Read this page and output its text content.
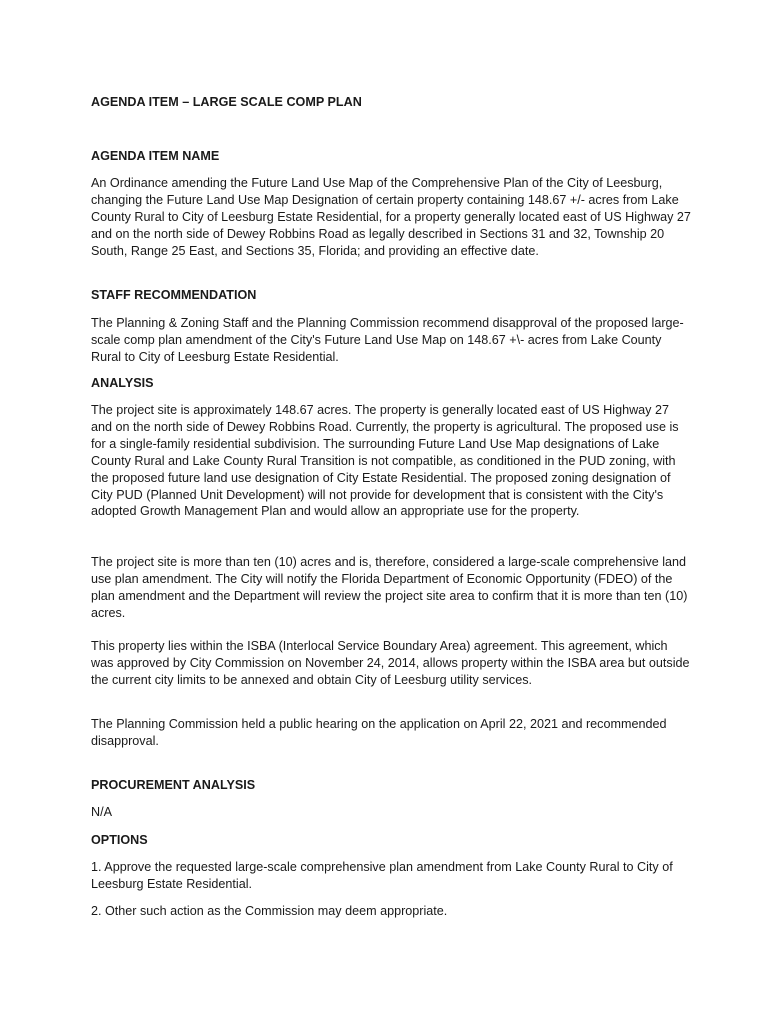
AGENDA ITEM – LARGE SCALE COMP PLAN
AGENDA ITEM NAME

An Ordinance amending the Future Land Use Map of the Comprehensive Plan of the City of Leesburg, changing the Future Land Use Map Designation of certain property containing 148.67 +/- acres from Lake County Rural to City of Leesburg Estate Residential, for a property generally located east of US Highway 27 and on the north side of Dewey Robbins Road as legally described in Sections 31 and 32, Township 20 South, Range 25 East, and Sections 35, Florida; and providing an effective date.

STAFF RECOMMENDATION

The Planning & Zoning Staff and the Planning Commission recommend disapproval of the proposed large-scale comp plan amendment of the City's Future Land Use Map on 148.67 +\- acres from Lake County Rural to City of Leesburg Estate Residential.

ANALYSIS

The project site is approximately 148.67 acres. The property is generally located east of US Highway 27 and on the north side of Dewey Robbins Road. Currently, the property is agricultural. The proposed use is for a single-family residential subdivision. The surrounding Future Land Use Map designations of Lake County Rural and Lake County Rural Transition is not compatible, as conditioned in the PUD zoning, with the proposed future land use designation of City Estate Residential. The proposed zoning designation of City PUD (Planned Unit Development) will not provide for development that is consistent with the City's adopted Growth Management Plan and would allow an appropriate use for the property.

The project site is more than ten (10) acres and is, therefore, considered a large-scale comprehensive land use plan amendment. The City will notify the Florida Department of Economic Opportunity (FDEO) of the plan amendment and the Department will review the project site area to confirm that it is more than ten (10) acres.

This property lies within the ISBA (Interlocal Service Boundary Area) agreement. This agreement, which was approved by City Commission on November 24, 2014, allows property within the ISBA area but outside the current city limits to be annexed and obtain City of Leesburg utility services.

The Planning Commission held a public hearing on the application on April 22, 2021 and recommended disapproval.

PROCUREMENT ANALYSIS

N/A

OPTIONS

1. Approve the requested large-scale comprehensive plan amendment from Lake County Rural to City of Leesburg Estate Residential.

2. Other such action as the Commission may deem appropriate.
